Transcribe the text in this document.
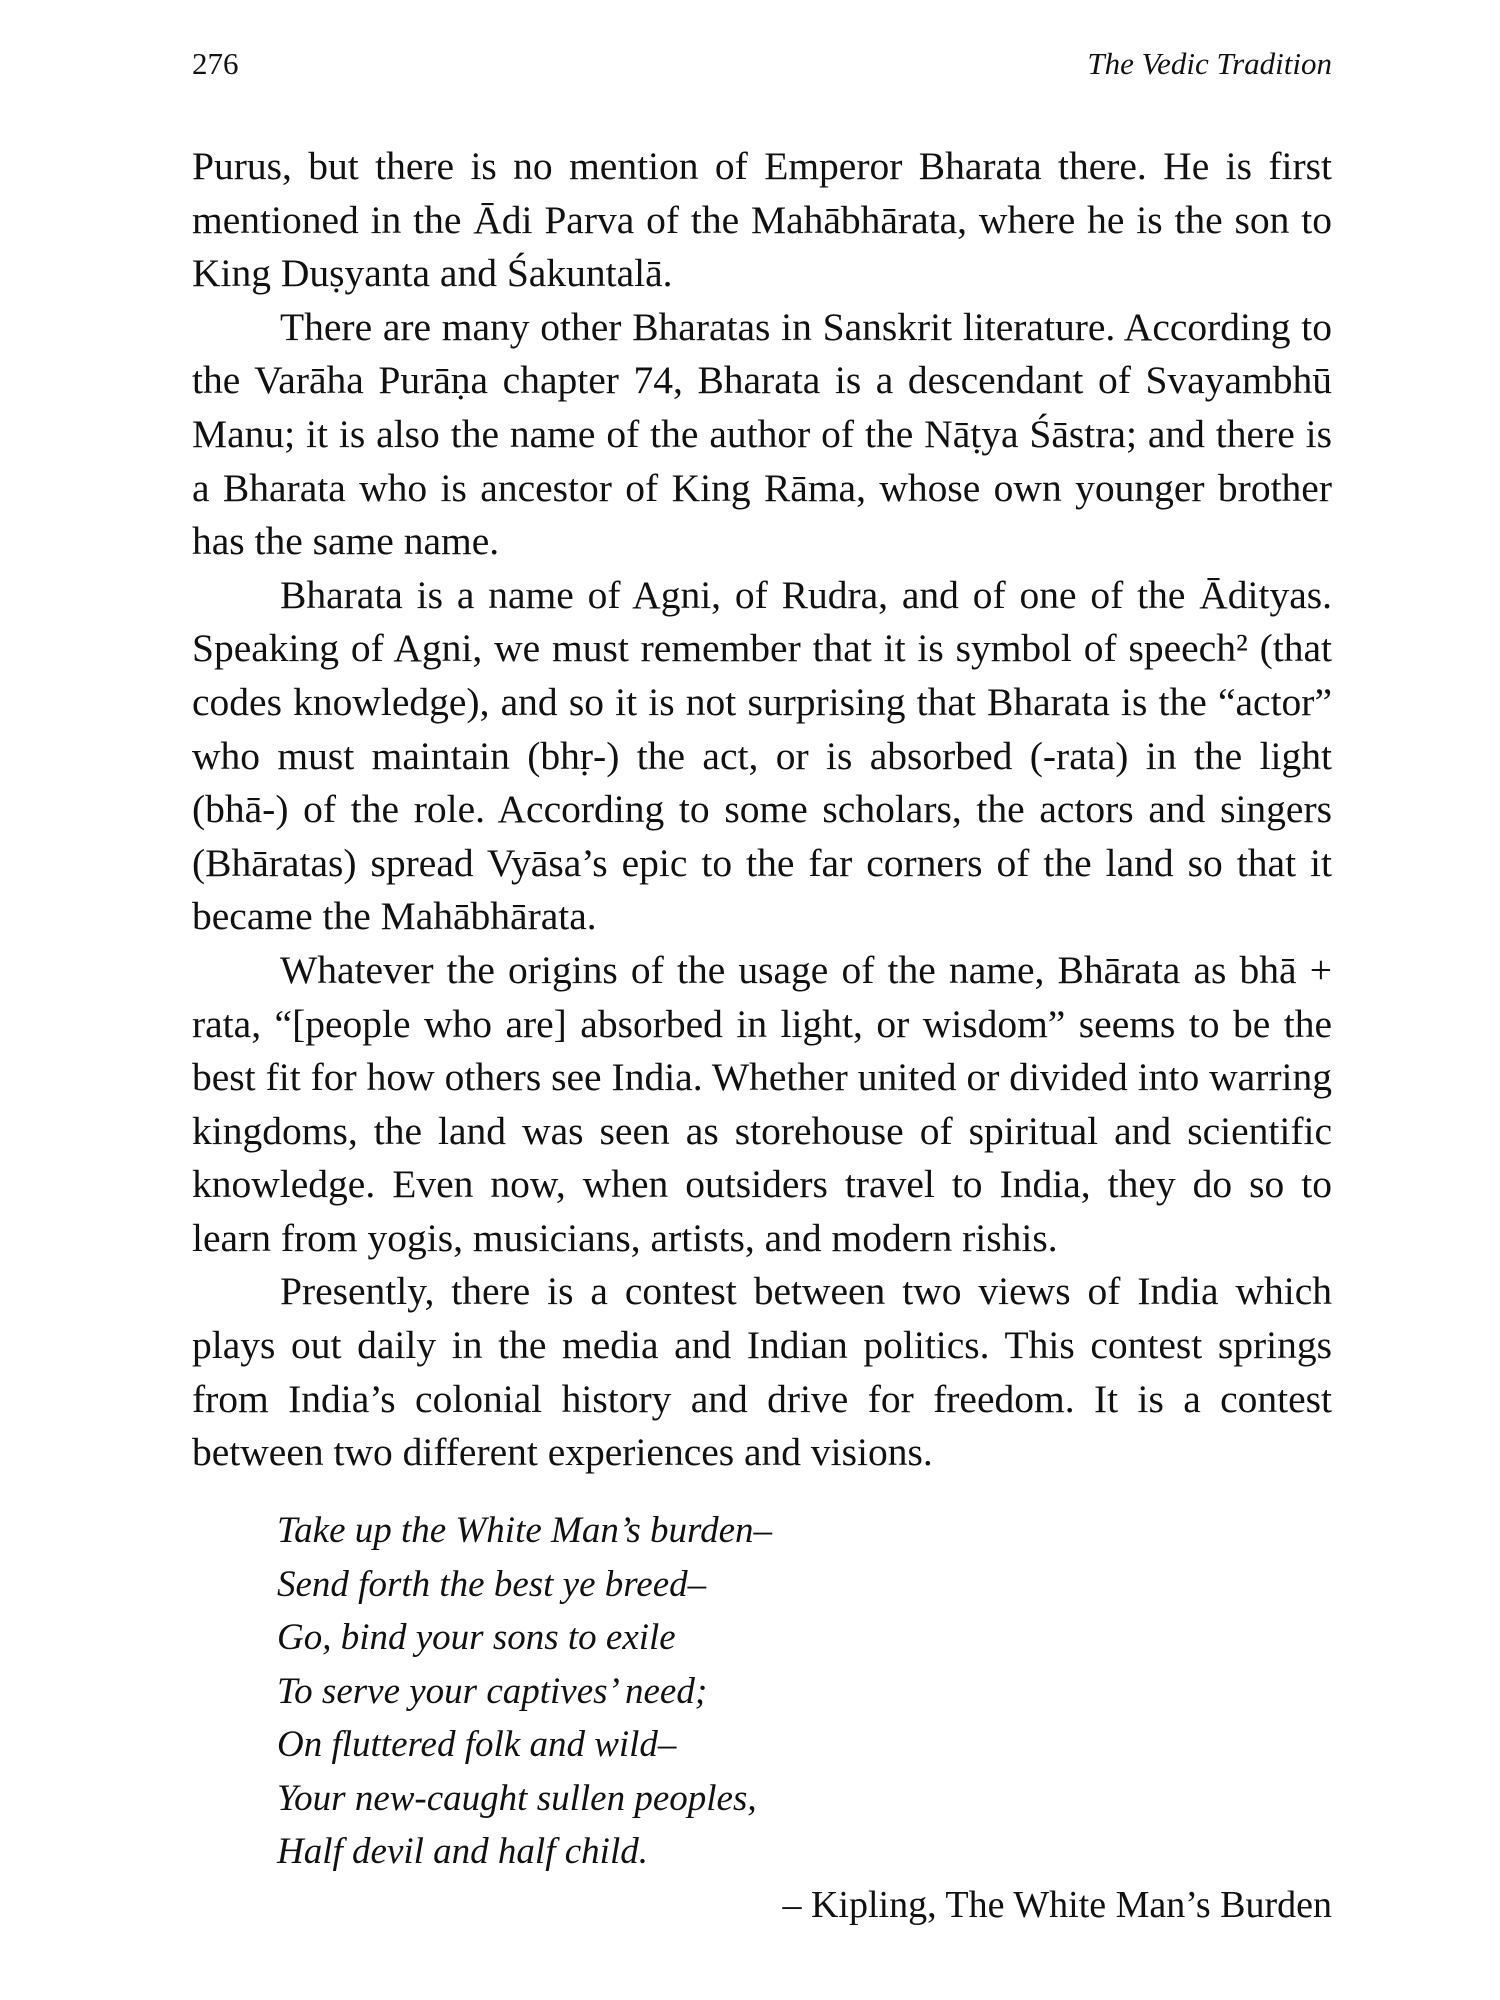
276	The Vedic Tradition

Purus, but there is no mention of Emperor Bharata there. He is first mentioned in the Ādi Parva of the Mahābhārata, where he is the son to King Duṣyanta and Śakuntalā.

There are many other Bharatas in Sanskrit literature. According to the Varāha Purāṇa chapter 74, Bharata is a descendant of Svayambhū Manu; it is also the name of the author of the Nāṭya Śāstra; and there is a Bharata who is ancestor of King Rāma, whose own younger brother has the same name.

Bharata is a name of Agni, of Rudra, and of one of the Ādityas. Speaking of Agni, we must remember that it is symbol of speech² (that codes knowledge), and so it is not surprising that Bharata is the “actor” who must maintain (bhṛ-) the act, or is absorbed (-rata) in the light (bhā-) of the role. According to some scholars, the actors and singers (Bhāratas) spread Vyāsa’s epic to the far corners of the land so that it became the Mahābhārata.

Whatever the origins of the usage of the name, Bhārata as bhā + rata, “[people who are] absorbed in light, or wisdom” seems to be the best fit for how others see India. Whether united or divided into warring kingdoms, the land was seen as storehouse of spiritual and scientific knowledge. Even now, when outsiders travel to India, they do so to learn from yogis, musicians, artists, and modern rishis.

Presently, there is a contest between two views of India which plays out daily in the media and Indian politics. This contest springs from India’s colonial history and drive for freedom. It is a contest between two different experiences and visions.

Take up the White Man’s burden–
Send forth the best ye breed–
Go, bind your sons to exile
To serve your captives’ need;
On fluttered folk and wild–
Your new-caught sullen peoples,
Half devil and half child.
– Kipling, The White Man’s Burden
